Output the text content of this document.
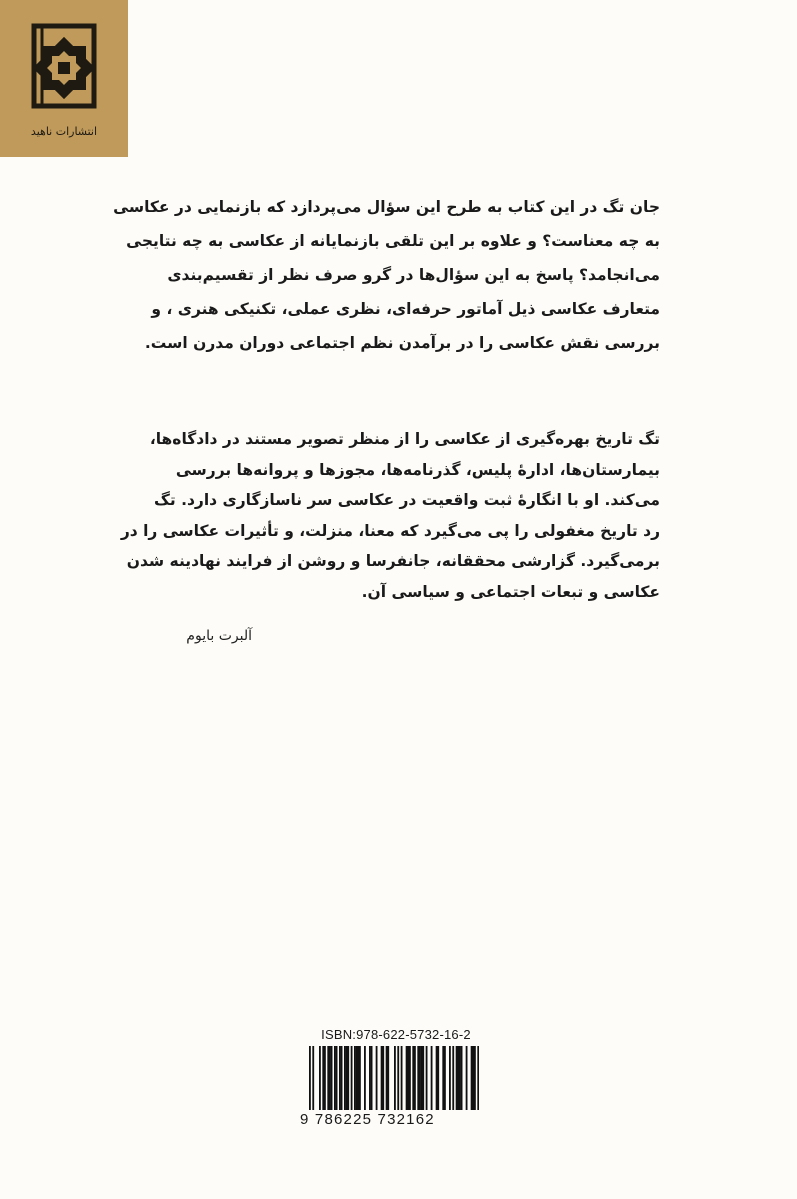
انتشارات ناهید
جان تگ در این کتاب به طرح این سؤال می‌پردازد که بازنمایی در عکاسی
به چه معناست؟ و علاوه بر این تلقی بازنمایانه از عکاسی به چه نتایجی
می‌انجامد؟ پاسخ به این سؤال‌ها در گرو صرف نظر از تقسیم‌بندی
متعارف عکاسی ذیل آماتور حرفه‌ای، نظری عملی، تکنیکی هنری ، و
بررسی نقش عکاسی را در برآمدن نظم اجتماعی دوران مدرن است.
تگ تاریخ بهره‌گیری از عکاسی را از منظر تصویر مستند در دادگاه‌ها،
بیمارستان‌ها، ادارهٔ پلیس، گذرنامه‌ها، مجوزها و پروانه‌ها بررسی
می‌کند. او با انگارهٔ ثبت واقعیت در عکاسی سر ناسازگاری دارد. تگ
رد تاریخ مغفولی را پی می‌گیرد که معنا، منزلت، و تأثیرات عکاسی را در
برمی‌گیرد. گزارشی محققانه، جانفرسا و روشن از فرایند نهادینه شدن
عکاسی و تبعات اجتماعی و سیاسی آن.
آلبرت بایوم
ISBN:978-622-5732-16-2
9 786225 732162
